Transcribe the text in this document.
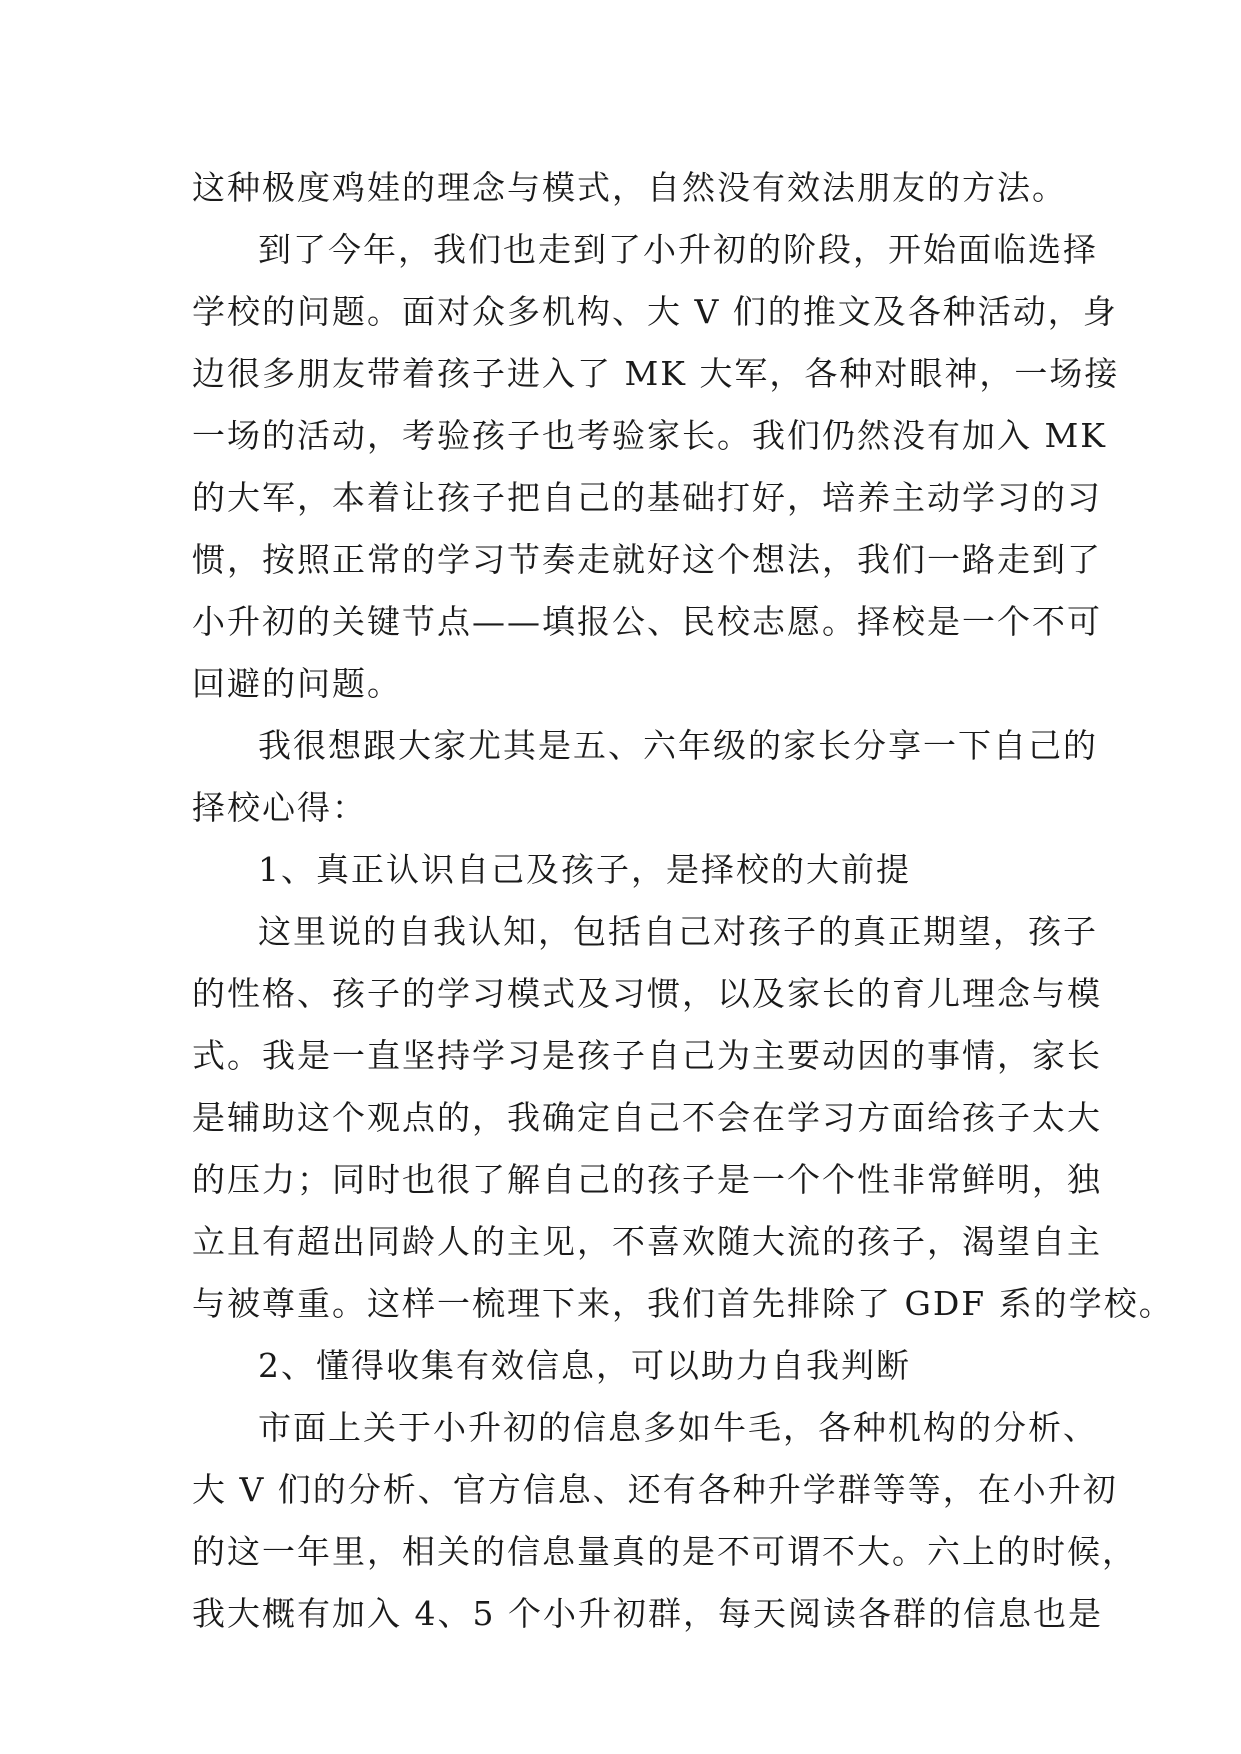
这种极度鸡娃的理念与模式，自然没有效法朋友的方法。
到了今年，我们也走到了小升初的阶段，开始面临选择
学校的问题。面对众多机构、大 V 们的推文及各种活动，身
边很多朋友带着孩子进入了 MK 大军，各种对眼神，一场接
一场的活动，考验孩子也考验家长。我们仍然没有加入 MK
的大军，本着让孩子把自己的基础打好，培养主动学习的习
惯，按照正常的学习节奏走就好这个想法，我们一路走到了
小升初的关键节点——填报公、民校志愿。择校是一个不可
回避的问题。
我很想跟大家尤其是五、六年级的家长分享一下自己的
择校心得：
1、真正认识自己及孩子，是择校的大前提
这里说的自我认知，包括自己对孩子的真正期望，孩子
的性格、孩子的学习模式及习惯，以及家长的育儿理念与模
式。我是一直坚持学习是孩子自己为主要动因的事情，家长
是辅助这个观点的，我确定自己不会在学习方面给孩子太大
的压力；同时也很了解自己的孩子是一个个性非常鲜明，独
立且有超出同龄人的主见，不喜欢随大流的孩子，渴望自主
与被尊重。这样一梳理下来，我们首先排除了 GDF 系的学校。
2、懂得收集有效信息，可以助力自我判断
市面上关于小升初的信息多如牛毛，各种机构的分析、
大 V 们的分析、官方信息、还有各种升学群等等，在小升初
的这一年里，相关的信息量真的是不可谓不大。六上的时候，
我大概有加入 4、5 个小升初群，每天阅读各群的信息也是
